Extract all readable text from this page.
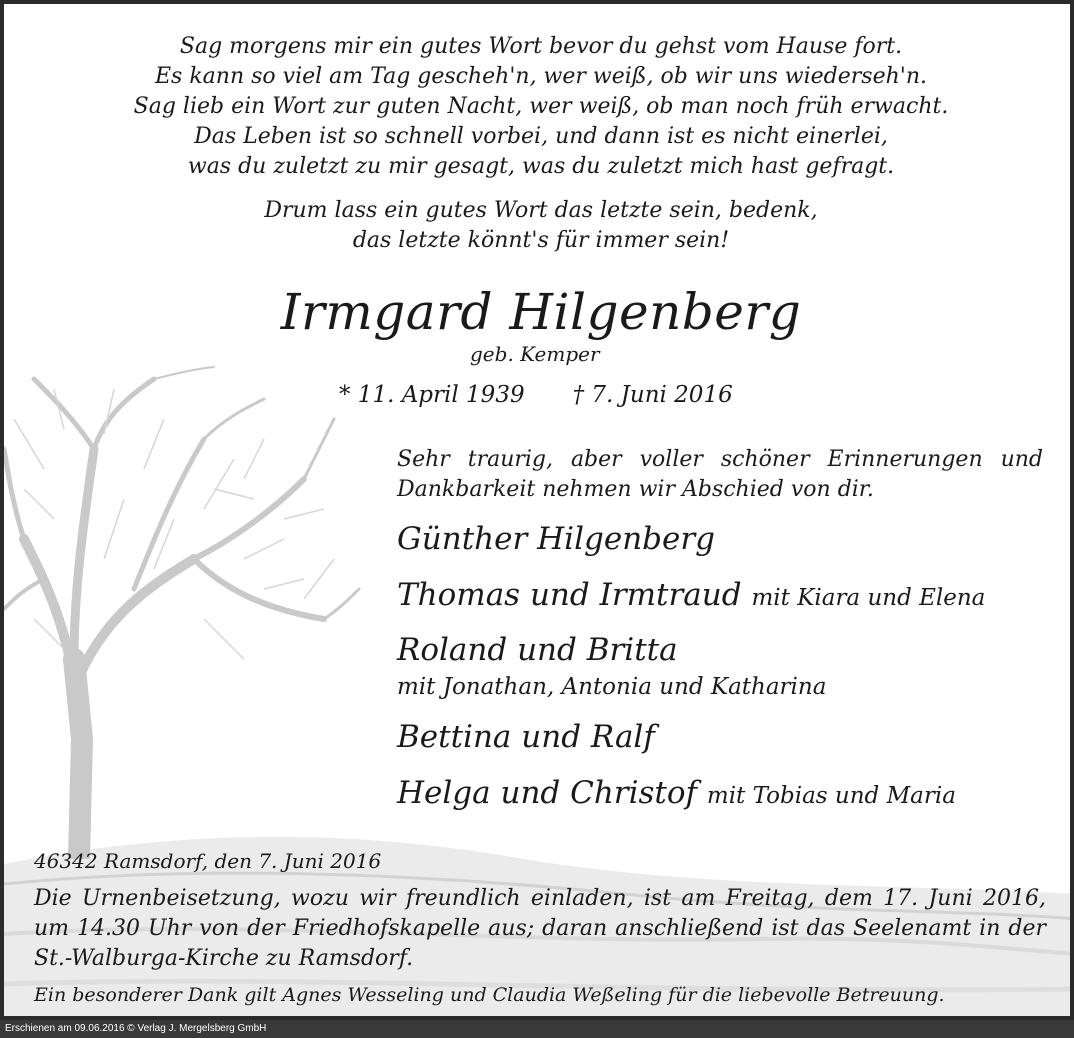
Sag morgens mir ein gutes Wort bevor du gehst vom Hause fort.
Es kann so viel am Tag gescheh'n, wer weiß, ob wir uns wiederseh'n.
Sag lieb ein Wort zur guten Nacht, wer weiß, ob man noch früh erwacht.
Das Leben ist so schnell vorbei, und dann ist es nicht einerlei,
was du zuletzt zu mir gesagt, was du zuletzt mich hast gefragt.
Drum lass ein gutes Wort das letzte sein, bedenk,
das letzte könnt's für immer sein!
Irmgard Hilgenberg
geb. Kemper
* 11. April 1939 † 7. Juni 2016
Sehr traurig, aber voller schöner Erinnerungen und Dankbarkeit nehmen wir Abschied von dir.
Günther Hilgenberg
Thomas und Irmtraud mit Kiara und Elena
Roland und Britta
mit Jonathan, Antonia und Katharina
Bettina und Ralf
Helga und Christof mit Tobias und Maria
46342 Ramsdorf, den 7. Juni 2016
Die Urnenbeisetzung, wozu wir freundlich einladen, ist am Freitag, dem 17. Juni 2016, um 14.30 Uhr von der Friedhofskapelle aus; daran anschließend ist das Seelenamt in der St.-Walburga-Kirche zu Ramsdorf.
Ein besonderer Dank gilt Agnes Wesseling und Claudia Weßeling für die liebevolle Betreuung.
Erschienen am 09.06.2016 © Verlag J. Mergelsberg GmbH
